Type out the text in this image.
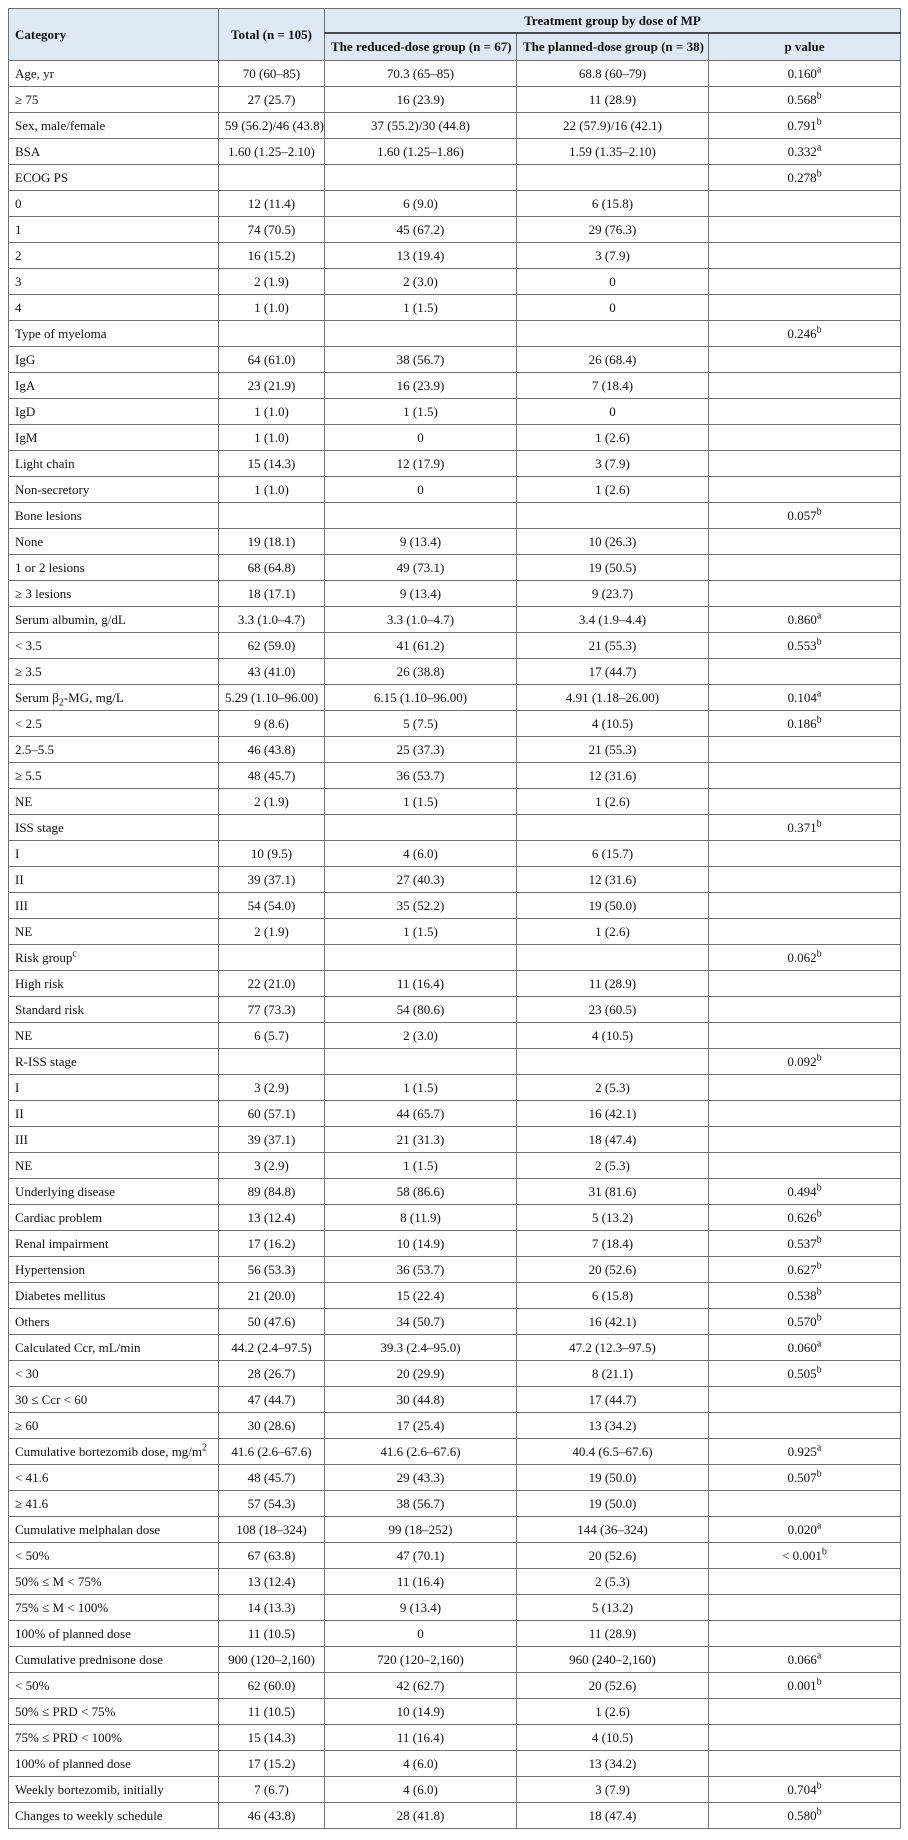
Category	Total (n = 105)	Treatment group by dose of MP		
		The reduced-dose group (n = 67)	The planned-dose group (n = 38)	p value
Age, yr	70 (60–85)	70.3 (65–85)	68.8 (60–79)	0.160$^a$
≥ 75	27 (25.7)	16 (23.9)	11 (28.9)	0.568$^b$
Sex, male/female	59 (56.2)/46 (43.8)	37 (55.2)/30 (44.8)	22 (57.9)/16 (42.1)	0.791$^b$
BSA	1.60 (1.25–2.10)	1.60 (1.25–1.86)	1.59 (1.35–2.10)	0.332$^a$
ECOG PS				0.278$^b$
0	12 (11.4)	6 (9.0)	6 (15.8)	
1	74 (70.5)	45 (67.2)	29 (76.3)	
2	16 (15.2)	13 (19.4)	3 (7.9)	
3	2 (1.9)	2 (3.0)	0	
4	1 (1.0)	1 (1.5)	0	
Type of myeloma				0.246$^b$
IgG	64 (61.0)	38 (56.7)	26 (68.4)	
IgA	23 (21.9)	16 (23.9)	7 (18.4)	
IgD	1 (1.0)	1 (1.5)	0	
IgM	1 (1.0)	0	1 (2.6)	
Light chain	15 (14.3)	12 (17.9)	3 (7.9)	
Non-secretory	1 (1.0)	0	1 (2.6)	
Bone lesions				0.057$^b$
None	19 (18.1)	9 (13.4)	10 (26.3)	
1 or 2 lesions	68 (64.8)	49 (73.1)	19 (50.5)	
≥ 3 lesions	18 (17.1)	9 (13.4)	9 (23.7)	
Serum albumin, g/dL	3.3 (1.0–4.7)	3.3 (1.0–4.7)	3.4 (1.9–4.4)	0.860$^a$
< 3.5	62 (59.0)	41 (61.2)	21 (55.3)	0.553$^b$
≥ 3.5	43 (41.0)	26 (38.8)	17 (44.7)	
Serum $\beta_2-MG$, mg/L	5.29 (1.10–96.00)	6.15 (1.10–96.00)	4.91 (1.18–26.00)	0.104$^a$
< 2.5	9 (8.6)	5 (7.5)	4 (10.5)	0.186$^b$
2.5–5.5	46 (43.8)	25 (37.3)	21 (55.3)	
≥ 5.5	48 (45.7)	36 (53.7)	12 (31.6)	
NE	2 (1.9)	1 (1.5)	1 (2.6)	
ISS stage				0.371$^b$
I	10 (9.5)	4 (6.0)	6 (15.7)	
II	39 (37.1)	27 (40.3)	12 (31.6)	
III	54 (54.0)	35 (52.2)	19 (50.0)	
NE	2 (1.9)	1 (1.5)	1 (2.6)	
Risk group$^c$				0.062$^b$
High risk	22 (21.0)	11 (16.4)	11 (28.9)	
Standard risk	77 (73.3)	54 (80.6)	23 (60.5)	
NE	6 (5.7)	2 (3.0)	4 (10.5)	
R-ISS stage				0.092$^b$
I	3 (2.9)	1 (1.5)	2 (5.3)	
II	60 (57.1)	44 (65.7)	16 (42.1)	
III	39 (37.1)	21 (31.3)	18 (47.4)	
NE	3 (2.9)	1 (1.5)	2 (5.3)	
Underlying disease	89 (84.8)	58 (86.6)	31 (81.6)	0.494$^b$
Cardiac problem	13 (12.4)	8 (11.9)	5 (13.2)	0.626$^b$
Renal impairment	17 (16.2)	10 (14.9)	7 (18.4)	0.537$^b$
Hypertension	56 (53.3)	36 (53.7)	20 (52.6)	0.627$^b$
Diabetes mellitus	21 (20.0)	15 (22.4)	6 (15.8)	0.538$^b$
Others	50 (47.6)	34 (50.7)	16 (42.1)	0.570$^b$
Calculated Ccr, mL/min	44.2 (2.4–97.5)	39.3 (2.4–95.0)	47.2 (12.3–97.5)	0.060$^a$
< 30	28 (26.7)	20 (29.9)	8 (21.1)	0.505$^b$
30 ≤ Ccr < 60	47 (44.7)	30 (44.8)	17 (44.7)	
≥ 60	30 (28.6)	17 (25.4)	13 (34.2)	
Cumulative bortezomib dose, $mg/m^2$	41.6 (2.6–67.6)	41.6 (2.6–67.6)	40.4 (6.5–67.6)	0.925$^a$
< 41.6	48 (45.7)	29 (43.3)	19 (50.0)	0.507$^b$
≥ 41.6	57 (54.3)	38 (56.7)	19 (50.0)	
Cumulative melphalan dose	108 (18–324)	99 (18–252)	144 (36–324)	0.020$^a$
< 50%	67 (63.8)	47 (70.1)	20 (52.6)	< 0.001$^b$
50% ≤ M < 75%	13 (12.4)	11 (16.4)	2 (5.3)	
75% ≤ M < 100%	14 (13.3)	9 (13.4)	5 (13.2)	
100% of planned dose	11 (10.5)	0	11 (28.9)	
Cumulative prednisone dose	900 (120–2,160)	720 (120–2,160)	960 (240–2,160)	0.066$^a$
< 50%	62 (60.0)	42 (62.7)	20 (52.6)	0.001$^b$
50% ≤ PRD < 75%	11 (10.5)	10 (14.9)	1 (2.6)	
75% ≤ PRD < 100%	15 (14.3)	11 (16.4)	4 (10.5)	
100% of planned dose	17 (15.2)	4 (6.0)	13 (34.2)	
Weekly bortezomib, initially	7 (6.7)	4 (6.0)	3 (7.9)	0.704$^b$
Changes to weekly schedule	46 (43.8)	28 (41.8)	18 (47.4)	0.580$^b$
